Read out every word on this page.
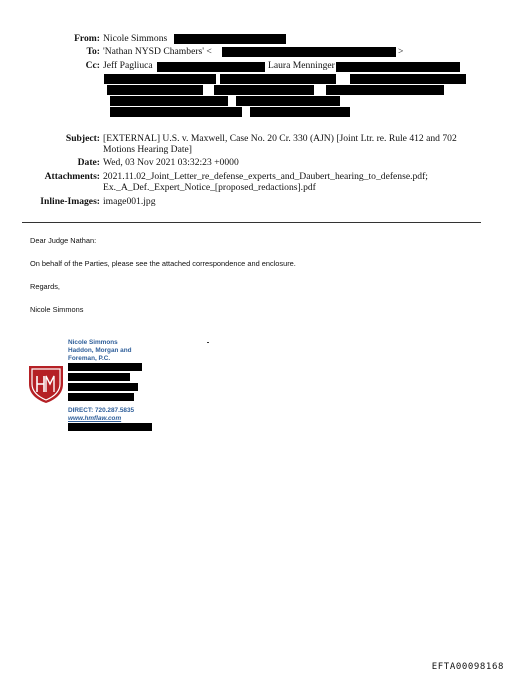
From: Nicole Simmons
To: 'Nathan NYSD Chambers' <	>
Cc: Jeff Pagliuca	Laura Menninger
Subject: [EXTERNAL] U.S. v. Maxwell, Case No. 20 Cr. 330 (AJN) [Joint Ltr. re. Rule 412 and 702
Motions Hearing Date]
Date: Wed, 03 Nov 2021 03:32:23 +0000
Attachments: 2021.11.02_Joint_Letter_re_defense_experts_and_Daubert_hearing_to_defense.pdf;
Ex._A_Def._Expert_Notice_[proposed_redactions].pdf
Inline-Images: image001.jpg
Dear Judge Nathan:
On behalf of the Parties, please see the attached correspondence and enclosure.
Regards,
Nicole Simmons
Nicole Simmons
Haddon, Morgan and
Foreman, P.C.
DIRECT: 720.287.5835
www.hmflaw.com
EFTA00098168
